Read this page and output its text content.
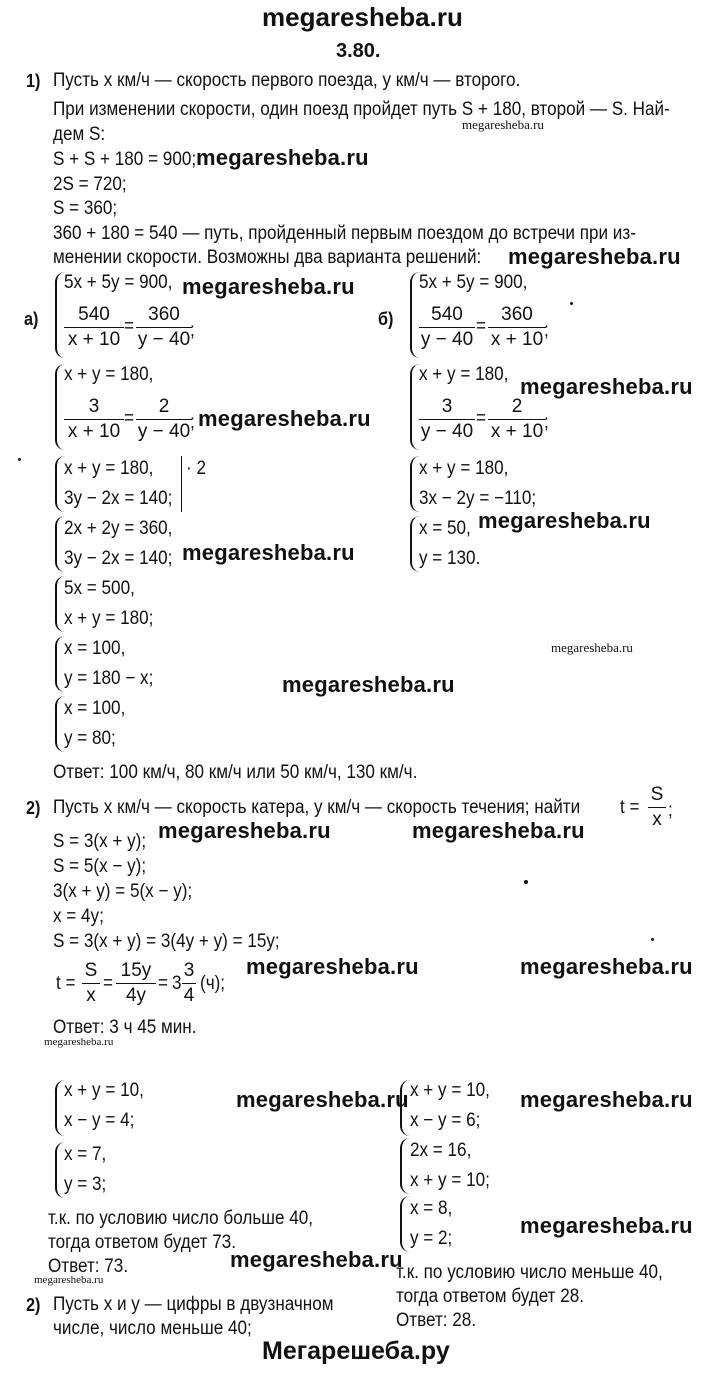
megaresheba.ru
3.80.
1) Пусть x км/ч — скорость первого поезда, y км/ч — второго.
При изменении скорости, один поезд пройдет путь S + 180, второй — S. Най-
megaresheba.ru
дем S:
S + S + 180 = 900; megaresheba.ru
2S = 720;
S = 360;
360 + 180 = 540 — путь, пройденный первым поездом до встречи при из-
менении скорости. Возможны два варианта решений: megaresheba.ru
а)
5x + 5y = 900, megaresheba.ru
540
x + 10
=
360
y − 40 ;
x + y = 180,
3
x + 10
=
2
y − 40 ; megaresheba.ru
x + y = 180,
3y − 2x = 140;
· 2
2x + 2y = 360,
3y − 2x = 140; megaresheba.ru
5x = 500,
x + y = 180;
x = 100,
y = 180 − x;	megaresheba.ru
megaresheba.ru
x = 100,
y = 80;
б)
5x + 5y = 900,
540
y − 40
=
360
x + 10 ;
x + y = 180, megaresheba.ru
3
y − 40
=
2
x + 10 ;
x + y = 180,
3x − 2y = −110;
x = 50,
y = 130.
megaresheba.ru
Ответ: 100 км/ч, 80 км/ч или 50 км/ч, 130 км/ч.
2) Пусть x км/ч — скорость катера, y км/ч — скорость течения; найти t =
S
x ;
megaresheba.ru	megaresheba.ru
S = 3(x + y);
S = 5(x − y);
3(x + y) = 5(x − y);
x = 4y;
S = 3(x + y) = 3(4y + y) = 15y;
t =
S
x
=
15y
4y
= 3
3
4
(ч);
megaresheba.ru	megaresheba.ru
Ответ: 3 ч 45 мин.
megaresheba.ru
x + y = 10,
x − y = 4;
megaresheba.ru
x = 7,
y = 3;
т.к. по условию число больше 40,
тогда ответом будет 73.
Ответ: 73.	megaresheba.ru
megaresheba.ru
2) Пусть x и y — цифры в двузначном
числе, число меньше 40;
x + y = 10,
x − y = 6;
megaresheba.ru
2x = 16,
x + y = 10;
x = 8,
y = 2;
megaresheba.ru
т.к. по условию число меньше 40,
тогда ответом будет 28.
Ответ: 28.
Мегарешеба.ру
